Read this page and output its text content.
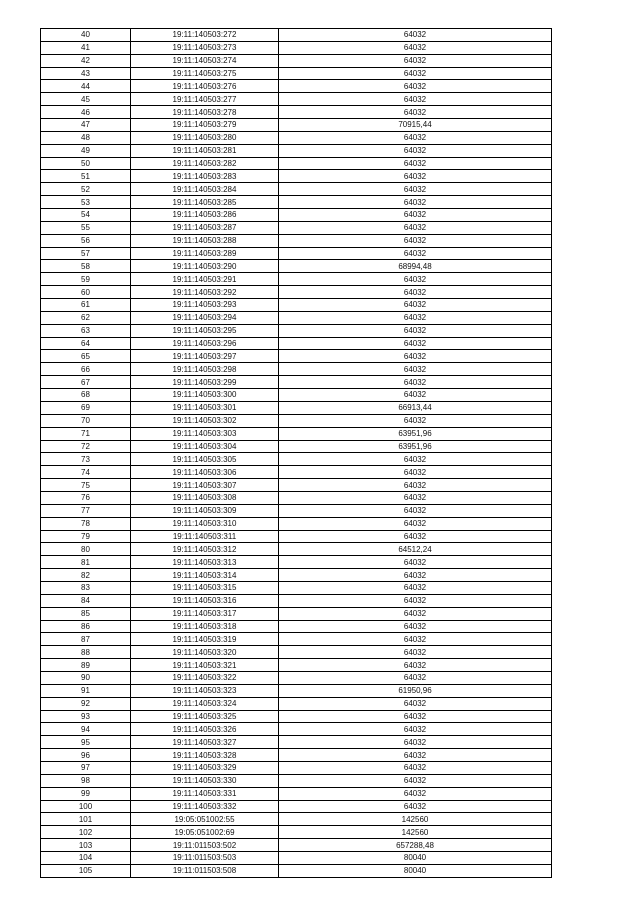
40	19:11:140503:272	64032
41	19:11:140503:273	64032
42	19:11:140503:274	64032
43	19:11:140503:275	64032
44	19:11:140503:276	64032
45	19:11:140503:277	64032
46	19:11:140503:278	64032
47	19:11:140503:279	70915,44
48	19:11:140503:280	64032
49	19:11:140503:281	64032
50	19:11:140503:282	64032
51	19:11:140503:283	64032
52	19:11:140503:284	64032
53	19:11:140503:285	64032
54	19:11:140503:286	64032
55	19:11:140503:287	64032
56	19:11:140503:288	64032
57	19:11:140503:289	64032
58	19:11:140503:290	68994,48
59	19:11:140503:291	64032
60	19:11:140503:292	64032
61	19:11:140503:293	64032
62	19:11:140503:294	64032
63	19:11:140503:295	64032
64	19:11:140503:296	64032
65	19:11:140503:297	64032
66	19:11:140503:298	64032
67	19:11:140503:299	64032
68	19:11:140503:300	64032
69	19:11:140503:301	66913,44
70	19:11:140503:302	64032
71	19:11:140503:303	63951,96
72	19:11:140503:304	63951,96
73	19:11:140503:305	64032
74	19:11:140503:306	64032
75	19:11:140503:307	64032
76	19:11:140503:308	64032
77	19:11:140503:309	64032
78	19:11:140503:310	64032
79	19:11:140503:311	64032
80	19:11:140503:312	64512,24
81	19:11:140503:313	64032
82	19:11:140503:314	64032
83	19:11:140503:315	64032
84	19:11:140503:316	64032
85	19:11:140503:317	64032
86	19:11:140503:318	64032
87	19:11:140503:319	64032
88	19:11:140503:320	64032
89	19:11:140503:321	64032
90	19:11:140503:322	64032
91	19:11:140503:323	61950,96
92	19:11:140503:324	64032
93	19:11:140503:325	64032
94	19:11:140503:326	64032
95	19:11:140503:327	64032
96	19:11:140503:328	64032
97	19:11:140503:329	64032
98	19:11:140503:330	64032
99	19:11:140503:331	64032
100	19:11:140503:332	64032
101	19:05:051002:55	142560
102	19:05:051002:69	142560
103	19:11:011503:502	657288,48
104	19:11:011503:503	80040
105	19:11:011503:508	80040
